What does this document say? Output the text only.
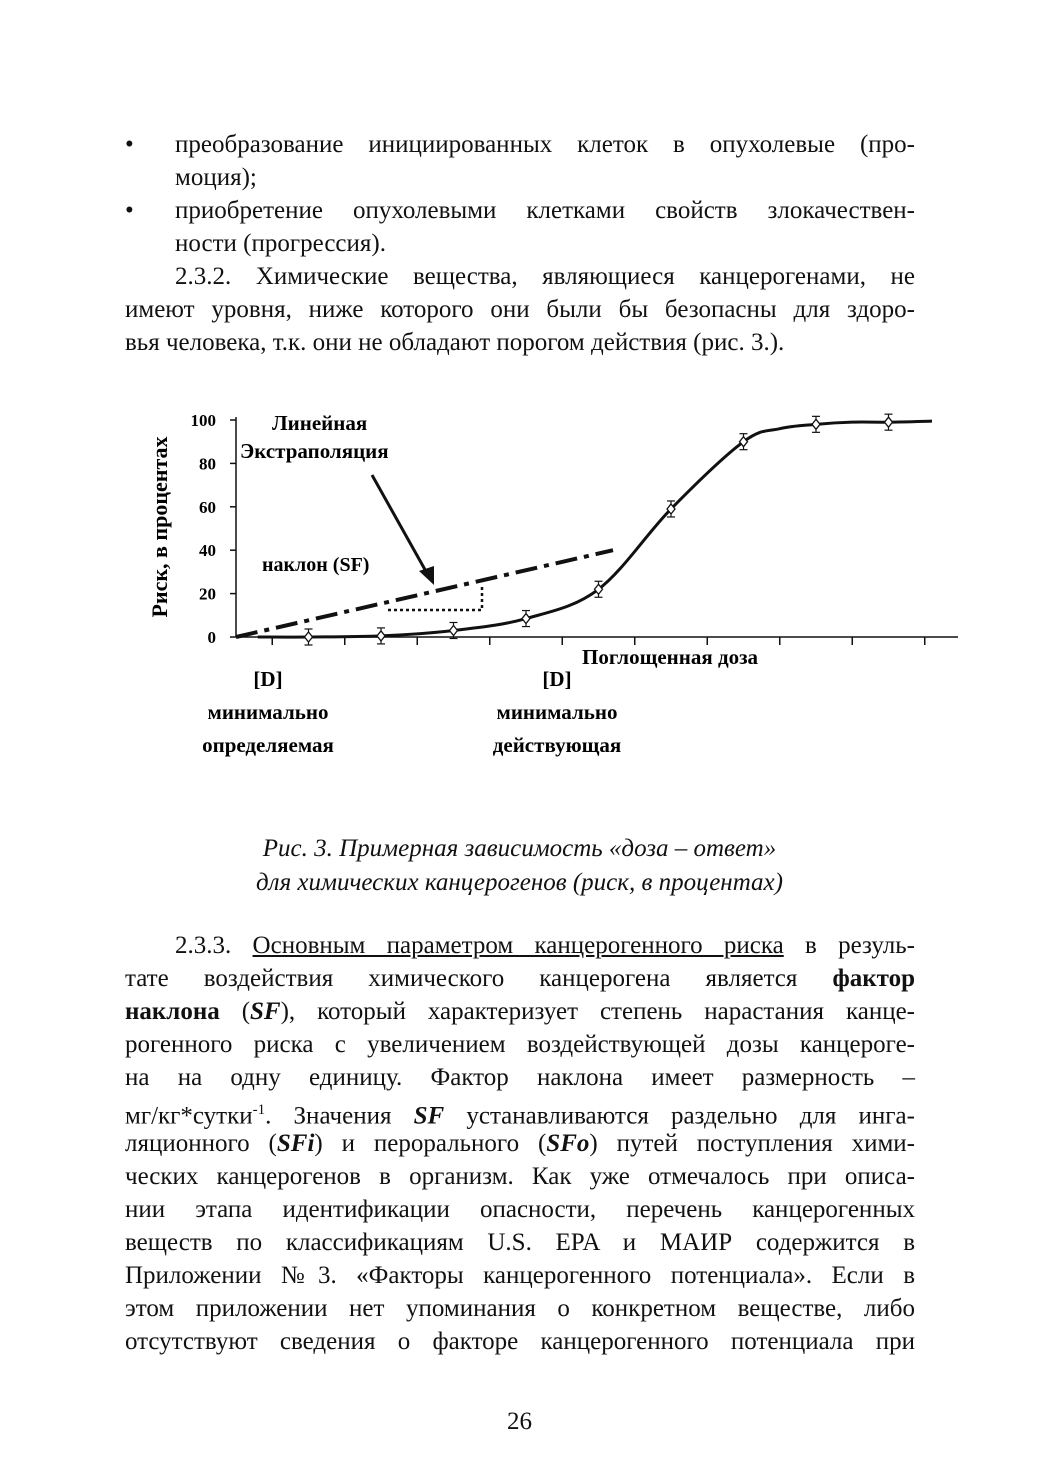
• преобразование инициированных клеток в опухолевые (про-
моция);
• приобретение опухолевыми клетками свойств злокачествен-
ности (прогрессия).
2.3.2. Химические вещества, являющиеся канцерогенами, не
имеют уровня, ниже которого они были бы безопасны для здоро-
вья человека, т.к. они не обладают порогом действия (рис. 3.).
0
20
40
60
80
100
Риск, в процентах
Поглощенная доза
Линейная
Экстраполяция
наклон (SF)
[D]
минимально
определяемая
[D]
минимально
действующая
Рис. 3. Примерная зависимость «доза – ответ»
для химических канцерогенов (риск, в процентах)
2.3.3. Основным параметром канцерогенного риска в резуль-
тате воздействия химического канцерогена является фактор
наклона (SF), который характеризует степень нарастания канце-
рогенного риска с увеличением воздействующей дозы канцероге-
на на одну единицу. Фактор наклона имеет размерность –
мг/кг*сутки$^{-1}$. Значения SF устанавливаются раздельно для инга-
ляционного (SFi) и перорального (SFo) путей поступления хими-
ческих канцерогенов в организм. Как уже отмечалось при описа-
нии этапа идентификации опасности, перечень канцерогенных
веществ по классификациям U.S. EPA и МАИР содержится в
Приложении №3. «Факторы канцерогенного потенциала». Если в
этом приложении нет упоминания о конкретном веществе, либо
отсутствуют сведения о факторе канцерогенного потенциала при
26
